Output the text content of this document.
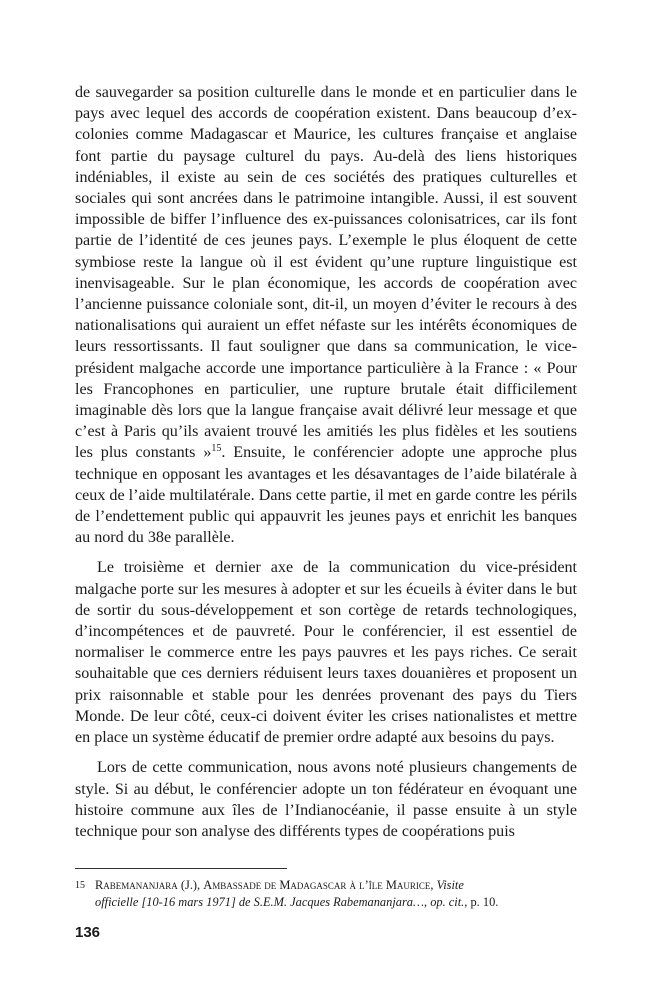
de sauvegarder sa position culturelle dans le monde et en particulier dans le pays avec lequel des accords de coopération existent. Dans beaucoup d’ex-colonies comme Madagascar et Maurice, les cultures française et anglaise font partie du paysage culturel du pays. Au-delà des liens historiques indéniables, il existe au sein de ces sociétés des pratiques culturelles et sociales qui sont ancrées dans le patrimoine intangible. Aussi, il est souvent impossible de biffer l’influence des ex-puissances colonisatrices, car ils font partie de l’identité de ces jeunes pays. L’exemple le plus éloquent de cette symbiose reste la langue où il est évident qu’une rupture linguistique est inenvisageable. Sur le plan économique, les accords de coopération avec l’ancienne puissance coloniale sont, dit-il, un moyen d’éviter le recours à des nationalisations qui auraient un effet néfaste sur les intérêts économiques de leurs ressortissants. Il faut souligner que dans sa communication, le vice-président malgache accorde une importance particulière à la France : « Pour les Francophones en particulier, une rupture brutale était difficilement imaginable dès lors que la langue française avait délivré leur message et que c’est à Paris qu’ils avaient trouvé les amitiés les plus fidèles et les soutiens les plus constants »$^{15}$. Ensuite, le conférencier adopte une approche plus technique en opposant les avantages et les désavantages de l’aide bilatérale à ceux de l’aide multilatérale. Dans cette partie, il met en garde contre les périls de l’endettement public qui appauvrit les jeunes pays et enrichit les banques au nord du 38e parallèle.

Le troisième et dernier axe de la communication du vice-président malgache porte sur les mesures à adopter et sur les écueils à éviter dans le but de sortir du sous-développement et son cortège de retards technologiques, d’incompétences et de pauvreté. Pour le conférencier, il est essentiel de normaliser le commerce entre les pays pauvres et les pays riches. Ce serait souhaitable que ces derniers réduisent leurs taxes douanières et proposent un prix raisonnable et stable pour les denrées provenant des pays du Tiers Monde. De leur côté, ceux-ci doivent éviter les crises nationalistes et mettre en place un système éducatif de premier ordre adapté aux besoins du pays.

Lors de cette communication, nous avons noté plusieurs changements de style. Si au début, le conférencier adopte un ton fédérateur en évoquant une histoire commune aux îles de l’Indianocéanie, il passe ensuite à un style technique pour son analyse des différents types de coopérations puis

15 Rabemananjara (J.), Ambassade de Madagascar à l’île Maurice, Visite
officielle [10-16 mars 1971] de S.E.M. Jacques Rabemananjara…, op. cit., p. 10.
136
